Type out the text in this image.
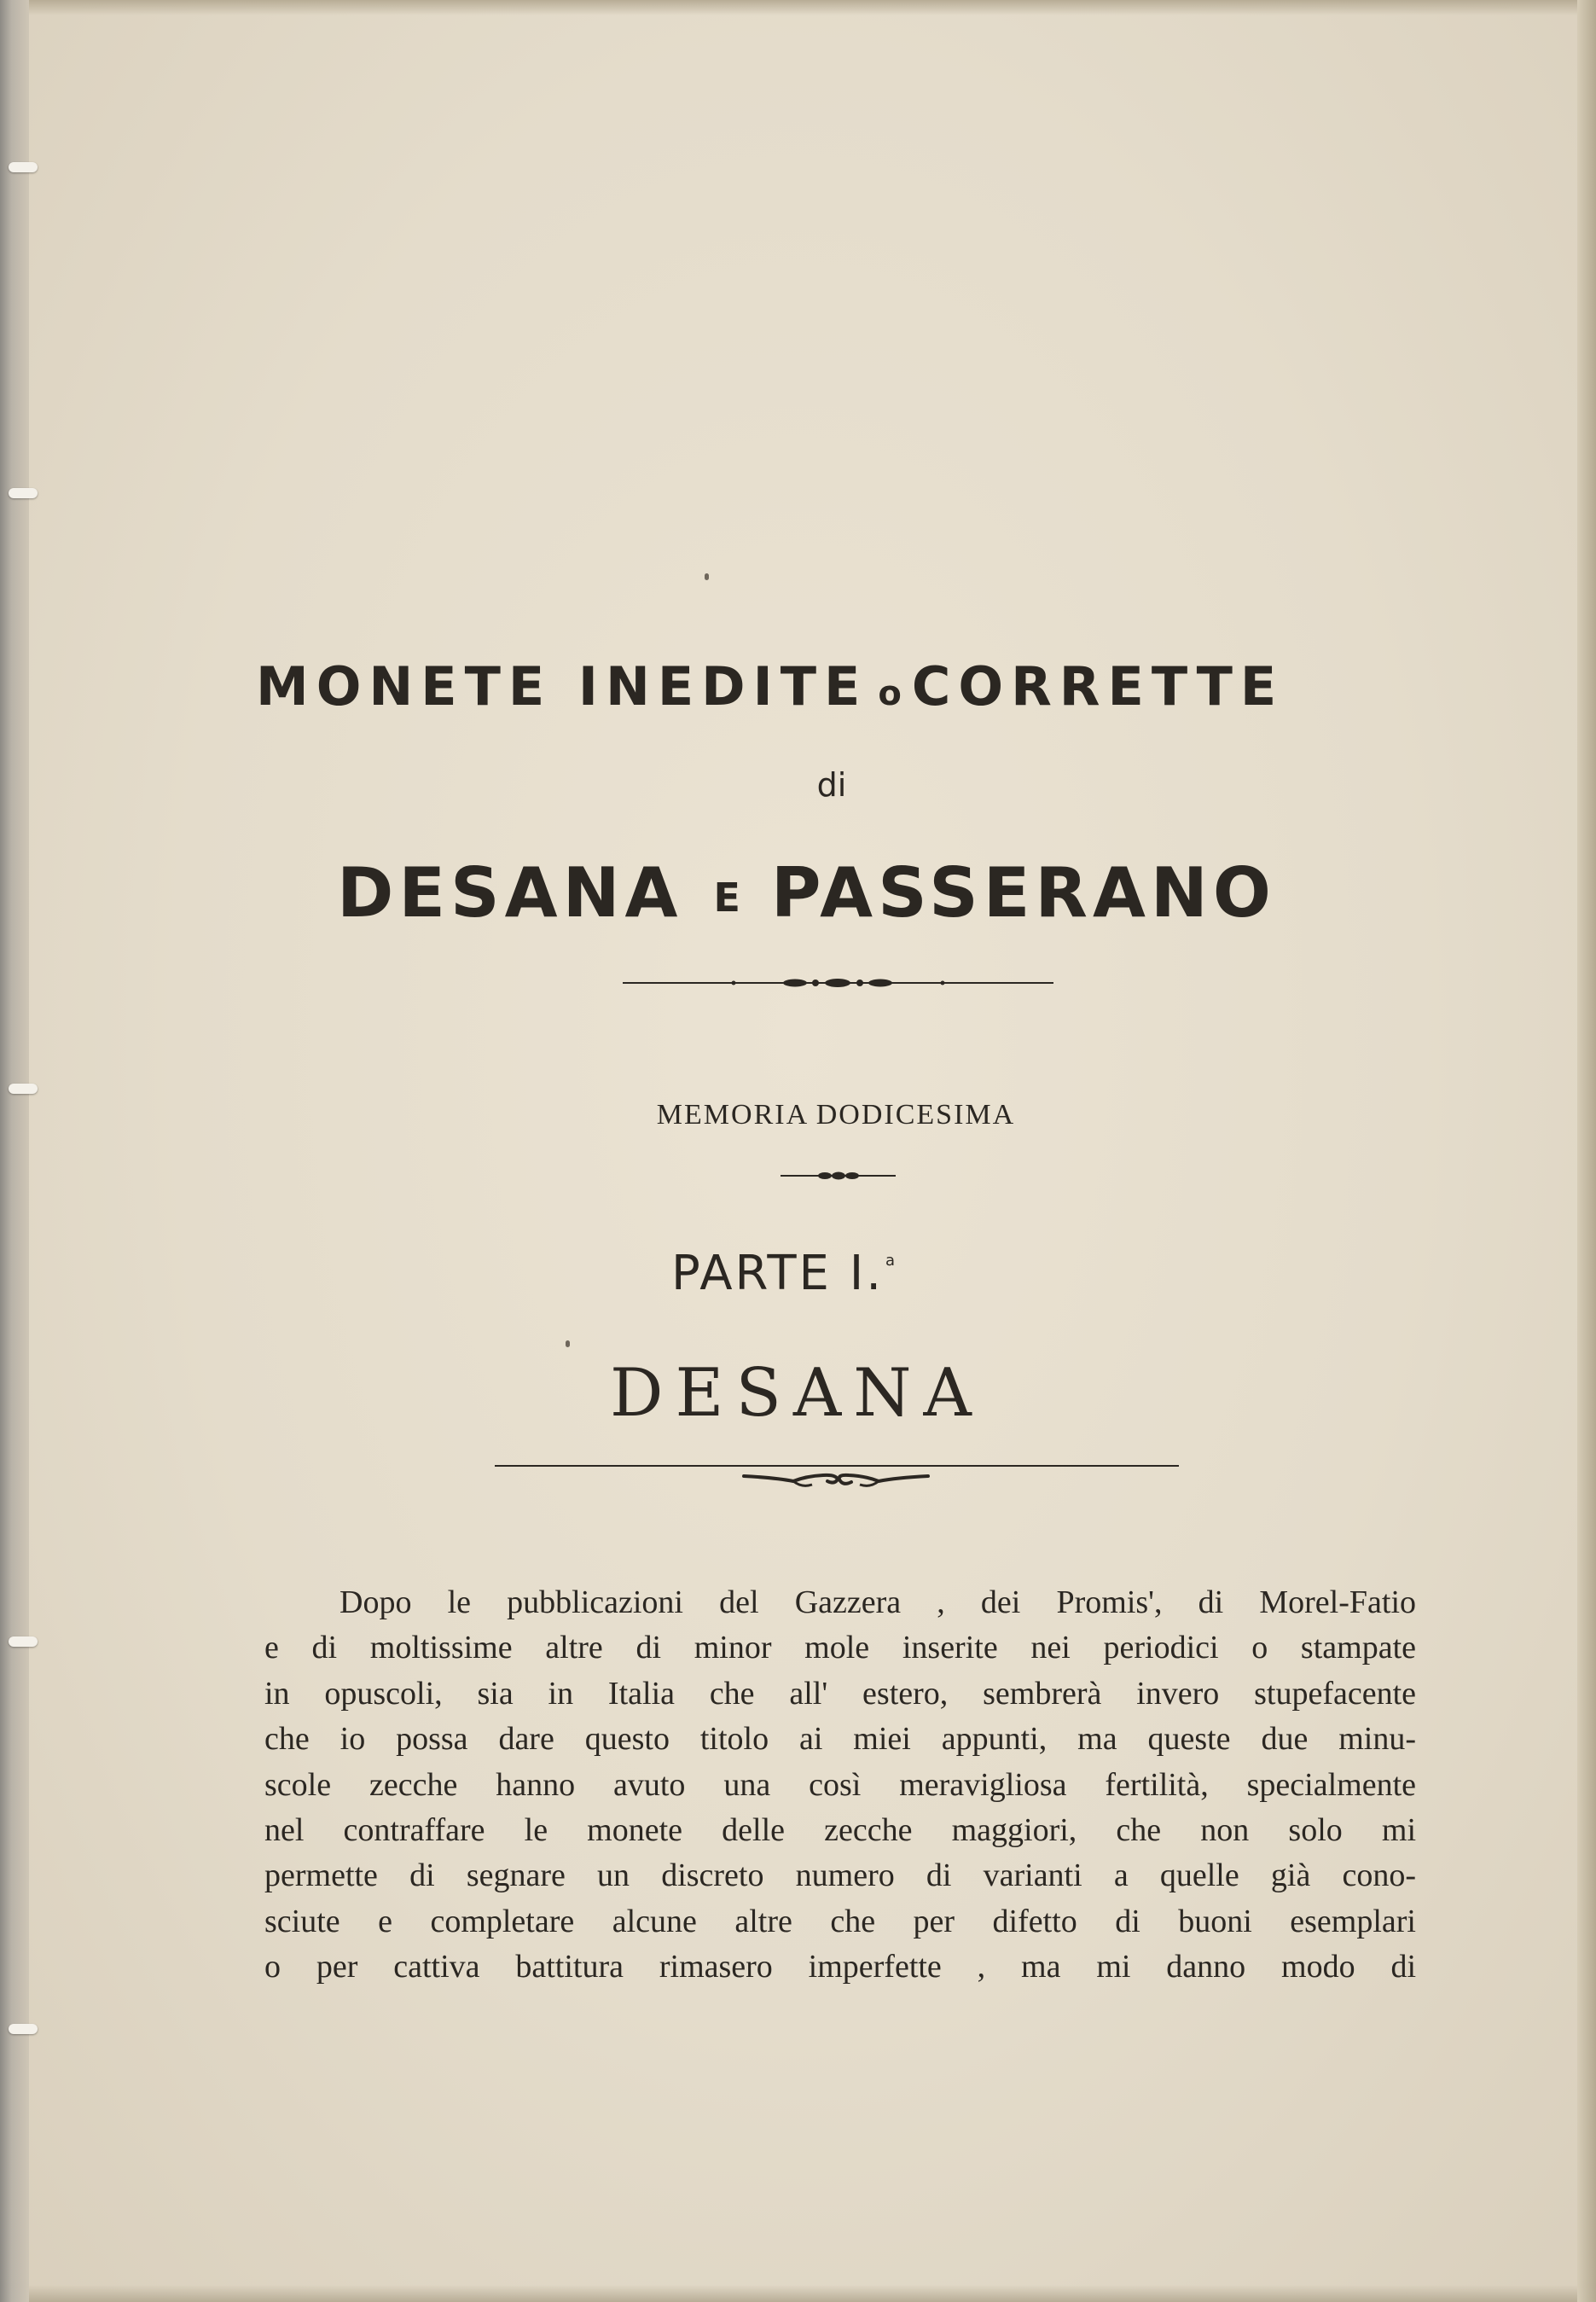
MONETE INEDITE o CORRETTE
di
DESANA E PASSERANO
MEMORIA DODICESIMA
PARTE I. $^a$
DESANA
Dopo le pubblicazioni del Gazzera , dei Promis', di Morel-Fatio
e di moltissime altre di minor mole inserite nei periodici o stampate
in opuscoli, sia in Italia che all' estero, sembrerà invero stupefacente
che io possa dare questo titolo ai miei appunti, ma queste due minu-
scole zecche hanno avuto una così meravigliosa fertilità, specialmente
nel contraffare le monete delle zecche maggiori, che non solo mi
permette di segnare un discreto numero di varianti a quelle già cono-
sciute e completare alcune altre che per difetto di buoni esemplari
o per cattiva battitura rimasero imperfette , ma mi danno modo di
